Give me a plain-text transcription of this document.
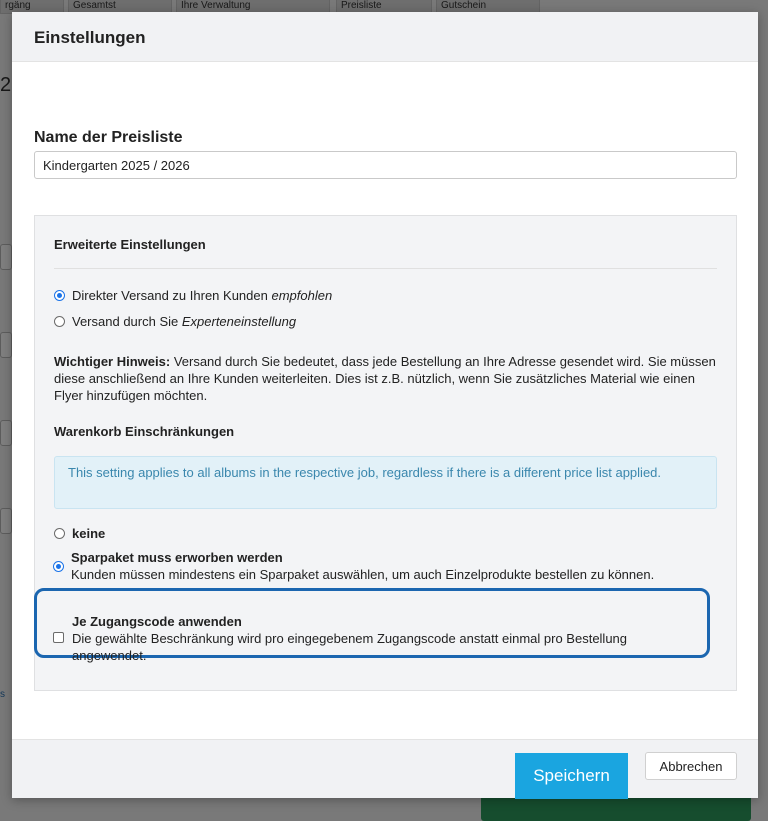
Einstellungen
Name der Preisliste
Kindergarten 2025 / 2026
Erweiterte Einstellungen
Direkter Versand zu Ihren Kunden empfohlen
Versand durch Sie Experteneinstellung
Wichtiger Hinweis: Versand durch Sie bedeutet, dass jede Bestellung an Ihre Adresse gesendet wird. Sie müssen diese anschließend an Ihre Kunden weiterleiten. Dies ist z.B. nützlich, wenn Sie zusätzliches Material wie einen Flyer hinzufügen möchten.
Warenkorb Einschränkungen
This setting applies to all albums in the respective job, regardless if there is a different price list applied.
keine
Sparpaket muss erworben werden
Kunden müssen mindestens ein Sparpaket auswählen, um auch Einzelprodukte bestellen zu können.
Je Zugangscode anwenden
Die gewählte Beschränkung wird pro eingegebenem Zugangscode anstatt einmal pro Bestellung angewendet.
Speichern	Abbrechen
